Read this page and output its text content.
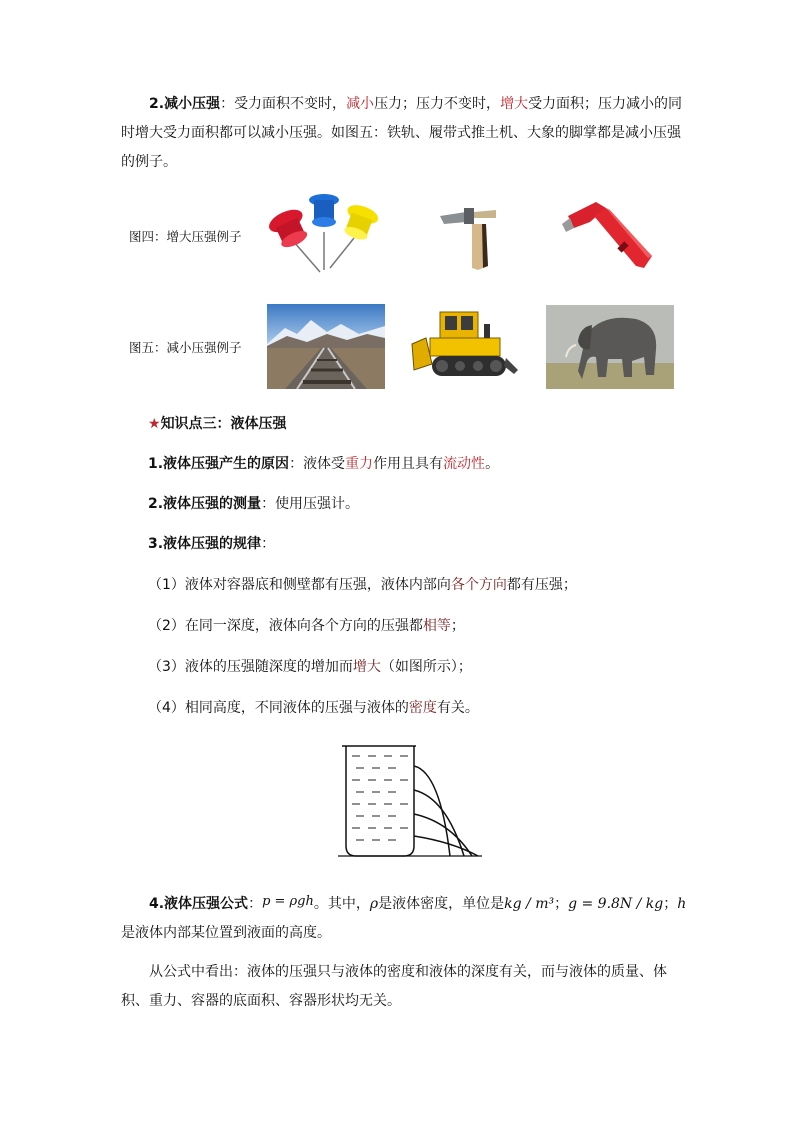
2.减小压强：受力面积不变时，减小压力；压力不变时，增大受力面积；压力减小的同时增大受力面积都可以减小压强。如图五：铁轨、履带式推土机、大象的脚掌都是减小压强的例子。
图四：增大压强例子
图五：减小压强例子
★知识点三：液体压强
1.液体压强产生的原因：液体受重力作用且具有流动性。
2.液体压强的测量：使用压强计。
3.液体压强的规律：
（1）液体对容器底和侧壁都有压强，液体内部向各个方向都有压强；
（2）在同一深度，液体向各个方向的压强都相等；
（3）液体的压强随深度的增加而增大（如图所示）；
（4）相同高度，不同液体的压强与液体的密度有关。
4.液体压强公式：p = ρgh。其中，ρ是液体密度，单位是kg / m³；g = 9.8N / kg；h是液体内部某位置到液面的高度。
从公式中看出：液体的压强只与液体的密度和液体的深度有关，而与液体的质量、体积、重力、容器的底面积、容器形状均无关。
